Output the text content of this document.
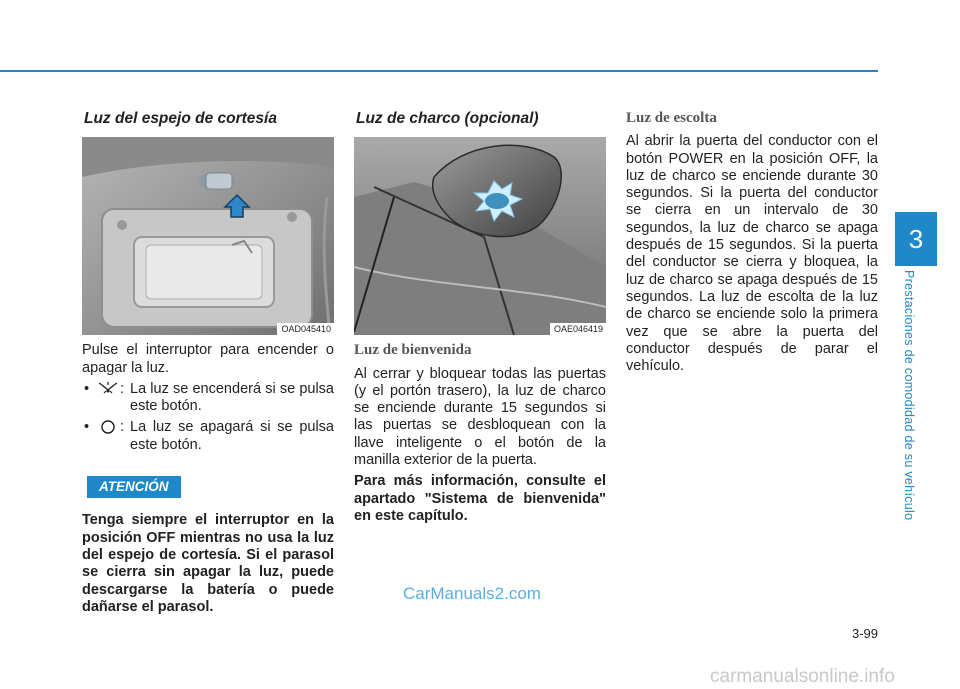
3
Prestaciones de comodidad de su vehículo
Luz del espejo de cortesía
OAD045410

Pulse el interruptor para encender o apagar la luz.

•	: La luz se encenderá si se pulsa este botón.
•	: La luz se apagará si se pulsa este botón.
ATENCIÓN

Tenga siempre el interruptor en la posición OFF mientras no usa la luz del espejo de cortesía. Si el parasol se cierra sin apagar la luz, puede descargarse la batería o puede dañarse el parasol.

Luz de charco (opcional)
OAE046419
Luz de bienvenida

Al cerrar y bloquear todas las puertas (y el portón trasero), la luz de charco se enciende durante 15 segundos si las puertas se desbloquean con la llave inteligente o el botón de la manilla exterior de la puerta.

Para más información, consulte el apartado "Sistema de bienvenida" en este capítulo.

Luz de escolta

Al abrir la puerta del conductor con el botón POWER en la posición OFF, la luz de charco se enciende durante 30 segundos. Si la puerta del conductor se cierra en un intervalo de 30 segundos, la luz de charco se apaga después de 15 segundos. Si la puerta del conductor se cierra y bloquea, la luz de charco se apaga después de 15 segundos. La luz de escolta de la luz de charco se enciende solo la primera vez que se abre la puerta del conductor después de parar el vehículo.

CarManuals2.com
3-99
carmanualsonline.info
